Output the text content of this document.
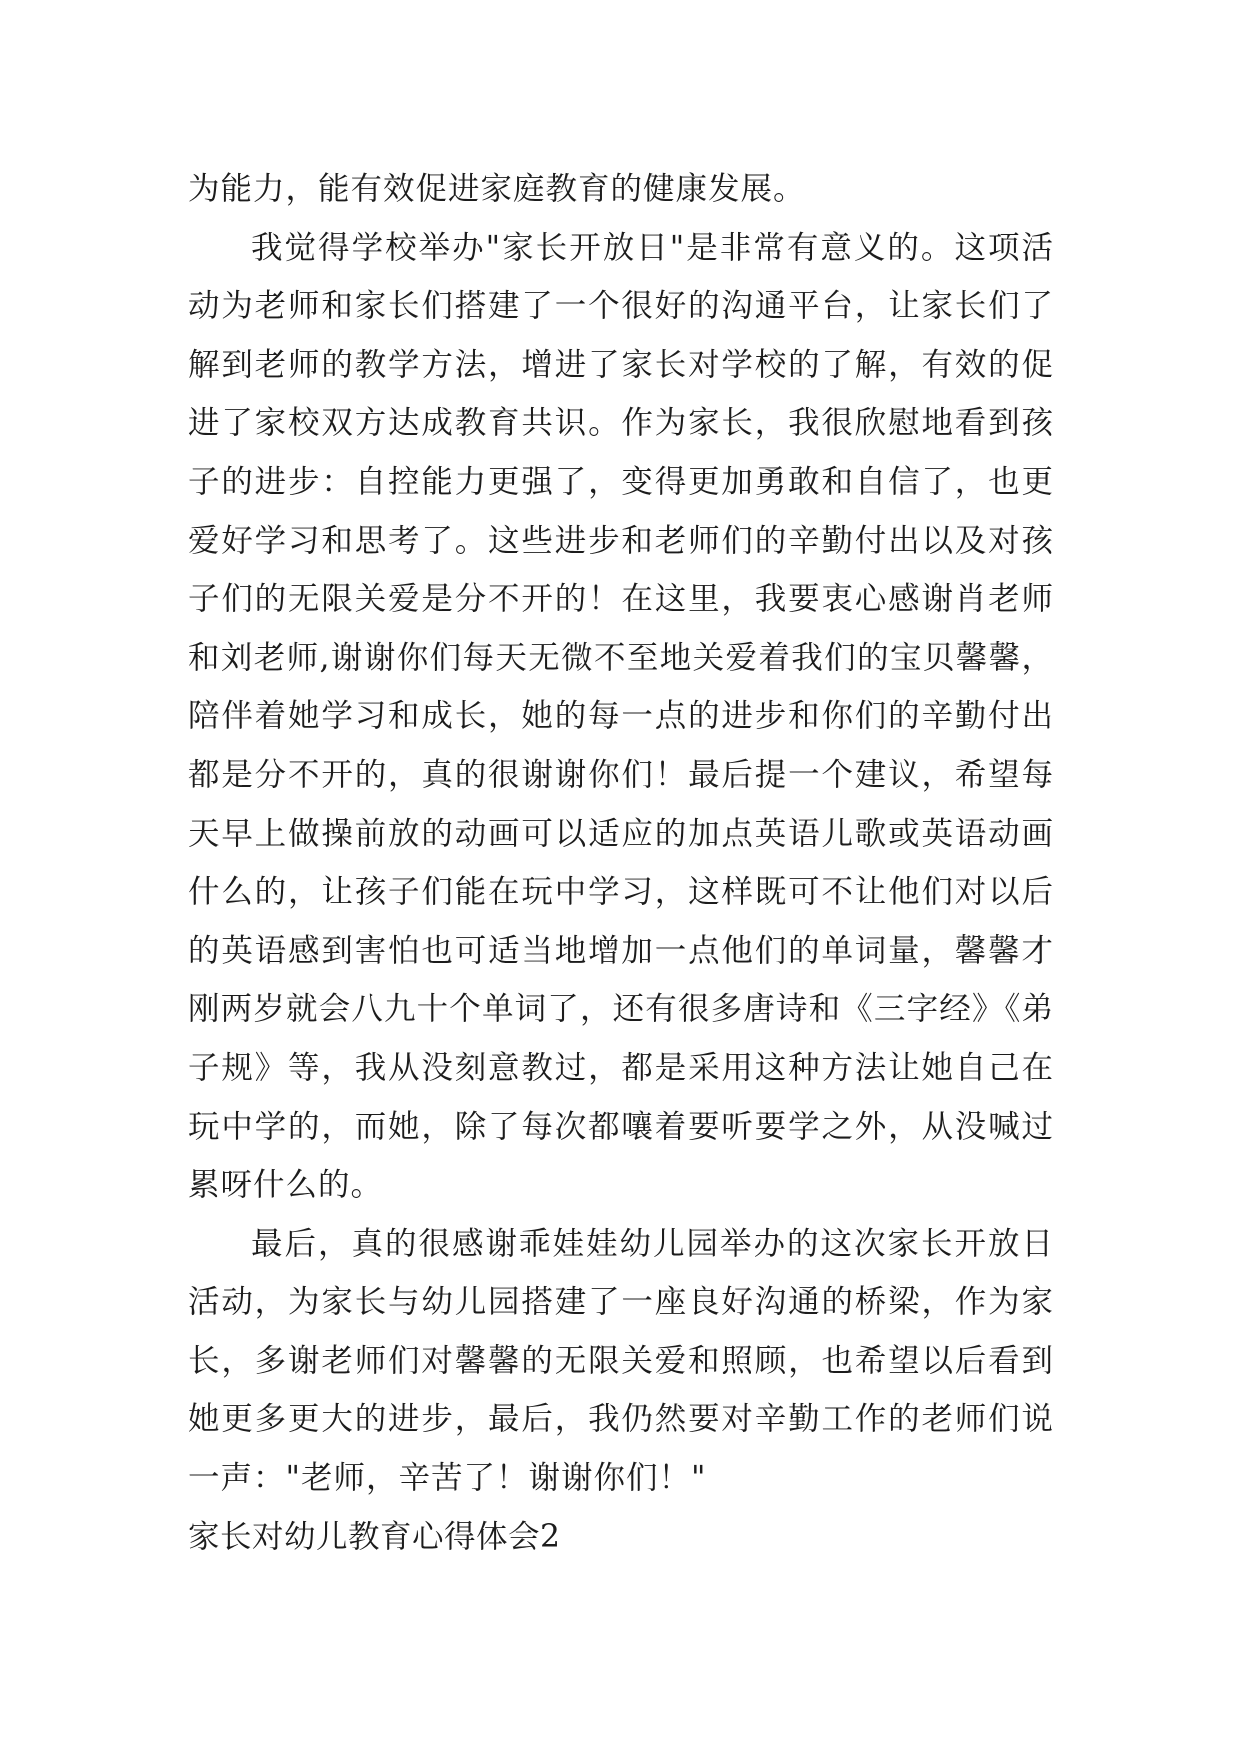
为能力，能有效促进家庭教育的健康发展。

我觉得学校举办"家长开放日"是非常有意义的。这项活动为老师和家长们搭建了一个很好的沟通平台，让家长们了解到老师的教学方法，增进了家长对学校的了解，有效的促进了家校双方达成教育共识。作为家长，我很欣慰地看到孩子的进步：自控能力更强了，变得更加勇敢和自信了，也更爱好学习和思考了。这些进步和老师们的辛勤付出以及对孩子们的无限关爱是分不开的！在这里，我要衷心感谢肖老师和刘老师,谢谢你们每天无微不至地关爱着我们的宝贝馨馨，陪伴着她学习和成长，她的每一点的进步和你们的辛勤付出都是分不开的，真的很谢谢你们！最后提一个建议，希望每天早上做操前放的动画可以适应的加点英语儿歌或英语动画什么的，让孩子们能在玩中学习，这样既可不让他们对以后的英语感到害怕也可适当地增加一点他们的单词量，馨馨才刚两岁就会八九十个单词了，还有很多唐诗和《三字经》《弟子规》等，我从没刻意教过，都是采用这种方法让她自己在玩中学的，而她，除了每次都嚷着要听要学之外，从没喊过累呀什么的。

最后，真的很感谢乖娃娃幼儿园举办的这次家长开放日活动，为家长与幼儿园搭建了一座良好沟通的桥梁，作为家长，多谢老师们对馨馨的无限关爱和照顾，也希望以后看到她更多更大的进步，最后，我仍然要对辛勤工作的老师们说一声："老师，辛苦了！谢谢你们！"

家长对幼儿教育心得体会2
